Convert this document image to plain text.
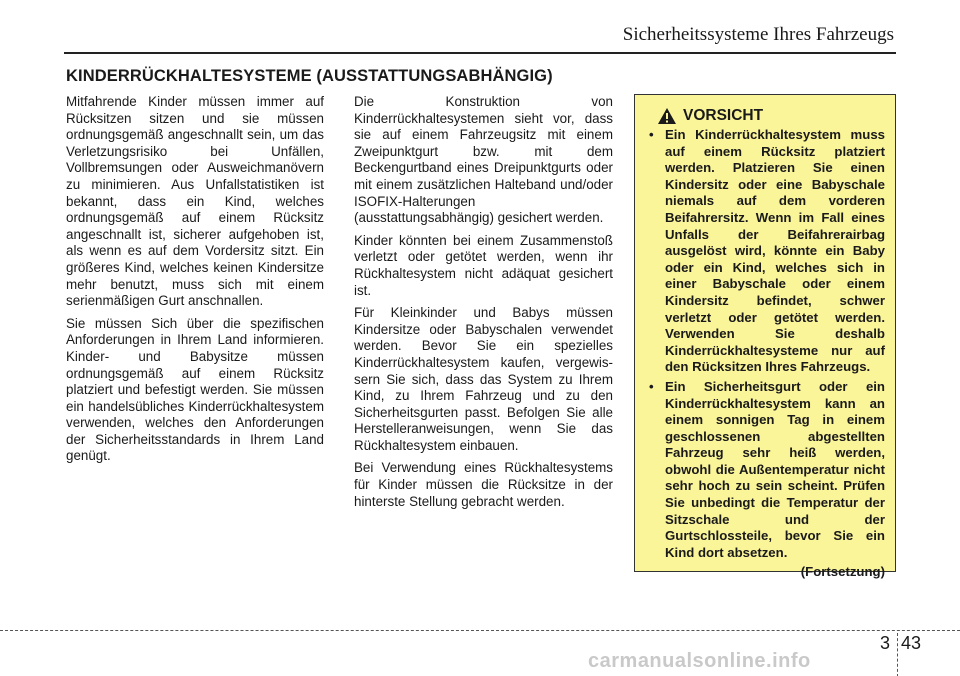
Sicherheitssysteme Ihres Fahrzeugs
KINDERRÜCKHALTESYSTEME (AUSSTATTUNGSABHÄNGIG)

Mitfahrende Kinder müssen immer auf Rücksitzen sitzen und sie müssen ordnungsgemäß angeschnallt sein, um das Verletzungsrisiko bei Unfällen, Vollbremsungen oder Ausweichmanövern zu minimieren. Aus Unfallstatistiken ist bekannt, dass ein Kind, welches ordnungsgemäß auf einem Rücksitz angeschnallt ist, sicherer aufgehoben ist, als wenn es auf dem Vordersitz sitzt. Ein größeres Kind, welches keinen Kindersitze mehr benutzt, muss sich mit einem serienmäßigen Gurt anschnallen.

Sie müssen Sich über die spezifischen Anforderungen in Ihrem Land informieren. Kinder- und Babysitze müssen ordnungsgemäß auf einem Rücksitz platziert und befestigt werden. Sie müssen ein handelsübliches Kinderrückhaltesystem verwenden, welches den Anforderungen der Sicherheitsstandards in Ihrem Land genügt.

Die Konstruktion von Kinderrückhaltesystemen sieht vor, dass sie auf einem Fahrzeugsitz mit einem Zweipunktgurt bzw. mit dem Beckengurtband eines Dreipunktgurts oder mit einem zusätzlichen Halteband und/oder ISOFIX-Halterungen (ausstattungsabhängig) gesichert werden.

Kinder könnten bei einem Zusammenstoß verletzt oder getötet werden, wenn ihr Rückhaltesystem nicht adäquat gesichert ist.

Für Kleinkinder und Babys müssen Kindersitze oder Babyschalen verwendet werden. Bevor Sie ein spezielles Kinderrückhaltesystem kaufen, vergewis-sern Sie sich, dass das System zu Ihrem Kind, zu Ihrem Fahrzeug und zu den Sicherheitsgurten passt. Befolgen Sie alle Herstelleranweisungen, wenn Sie das Rückhaltesystem einbauen.

Bei Verwendung eines Rückhaltesystems für Kinder müssen die Rücksitze in der hinterste Stellung gebracht werden.

VORSICHT
• Ein Kinderrückhaltesystem muss auf einem Rücksitz platziert werden. Platzieren Sie einen Kindersitz oder eine Babyschale niemals auf dem vorderen Beifahrersitz. Wenn im Fall eines Unfalls der Beifahrerairbag ausgelöst wird, könnte ein Baby oder ein Kind, welches sich in einer Babyschale oder einem Kindersitz befindet, schwer verletzt oder getötet werden. Verwenden Sie deshalb Kinderrückhaltesysteme nur auf den Rücksitzen Ihres Fahrzeugs.
• Ein Sicherheitsgurt oder ein Kinderrückhaltesystem kann an einem sonnigen Tag in einem geschlossenen abgestellten Fahrzeug sehr heiß werden, obwohl die Außentemperatur nicht sehr hoch zu sein scheint. Prüfen Sie unbedingt die Temperatur der Sitzschale und der Gurtschlossteile, bevor Sie ein Kind dort absetzen.
(Fortsetzung)
3 43
carmanualsonline.info
